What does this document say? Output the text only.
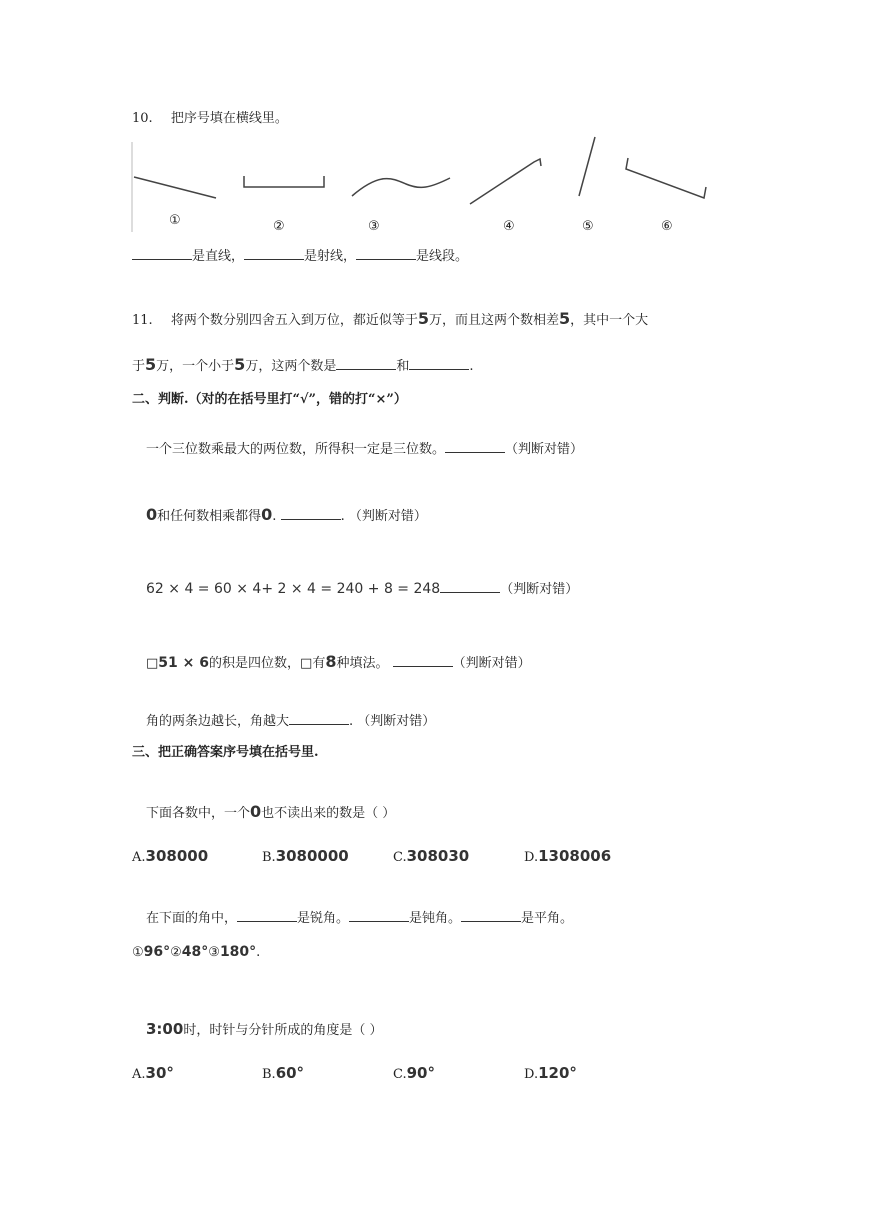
10. 把序号填在横线里。
①	②	③	④	⑤	⑥
是直线，	是射线，	是线段。
11. 将两个数分别四舍五入到万位，都近似等于5万，而且这两个数相差5，其中一个大
于5万，一个小于5万，这两个数是	和	.
二、判断.（对的在括号里打“√”，错的打“×”）
一个三位数乘最大的两位数，所得积一定是三位数。	（判断对错）
0和任何数相乘都得0.	. （判断对错）
62 × 4 = 60 × 4+ 2 × 4 = 240 + 8 = 248	（判断对错）
□51 × 6的积是四位数，□有8种填法。	（判断对错）
角的两条边越长，角越大	. （判断对错）
三、把正确答案序号填在括号里.
下面各数中，一个0也不读出来的数是（ ）
A.308000	B.3080000	C.308030	D.1308006
在下面的角中，	是锐角。	是钝角。	是平角。
①96°②48°③180°.
3:00时，时针与分针所成的角度是（ ）
A.30°	B.60°	C.90°	D.120°
